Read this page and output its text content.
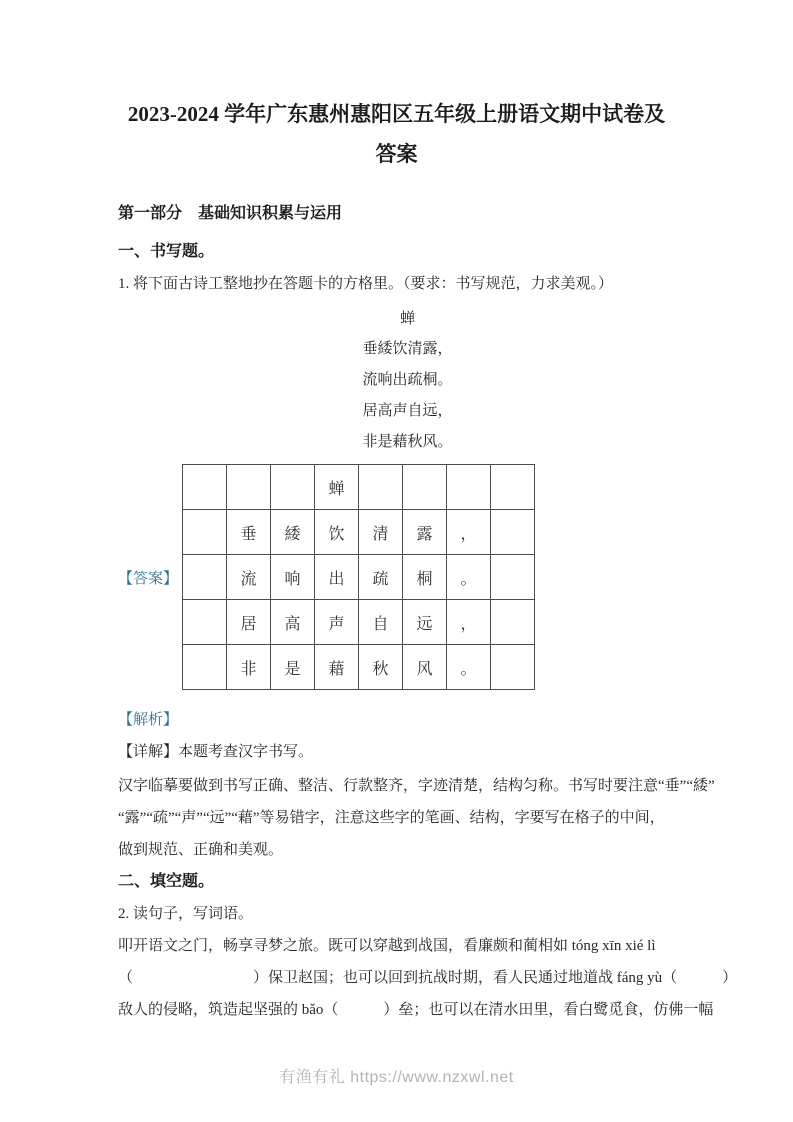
2023-2024 学年广东惠州惠阳区五年级上册语文期中试卷及
答案
第一部分　基础知识积累与运用
一、书写题。
1. 将下面古诗工整地抄在答题卡的方格里。（要求：书写规范，力求美观。）
蝉
垂緌饮清露，
流响出疏桐。
居高声自远，
非是藉秋风。
【答案】
			蝉				
	垂	緌	饮	清	露	，	
	流	响	出	疏	桐	。	
	居	高	声	自	远	，	
	非	是	藉	秋	风	。	
【解析】
【详解】本题考查汉字书写。
汉字临摹要做到书写正确、整洁、行款整齐，字迹清楚，结构匀称。书写时要注意“垂”“緌”
“露”“疏”“声”“远”“藉”等易错字，注意这些字的笔画、结构，字要写在格子的中间，
做到规范、正确和美观。
二、填空题。
2. 读句子，写词语。
叩开语文之门，畅享寻梦之旅。既可以穿越到战国，看廉颇和蔺相如 tóng xīn xié lì
（　　　　　　　　）保卫赵国；也可以回到抗战时期，看人民通过地道战 fáng yù（　　　）
敌人的侵略，筑造起坚强的 bǎo（　　　）垒；也可以在清水田里，看白鹭觅食，仿佛一幅
有渔有礼 https://www.nzxwl.net
